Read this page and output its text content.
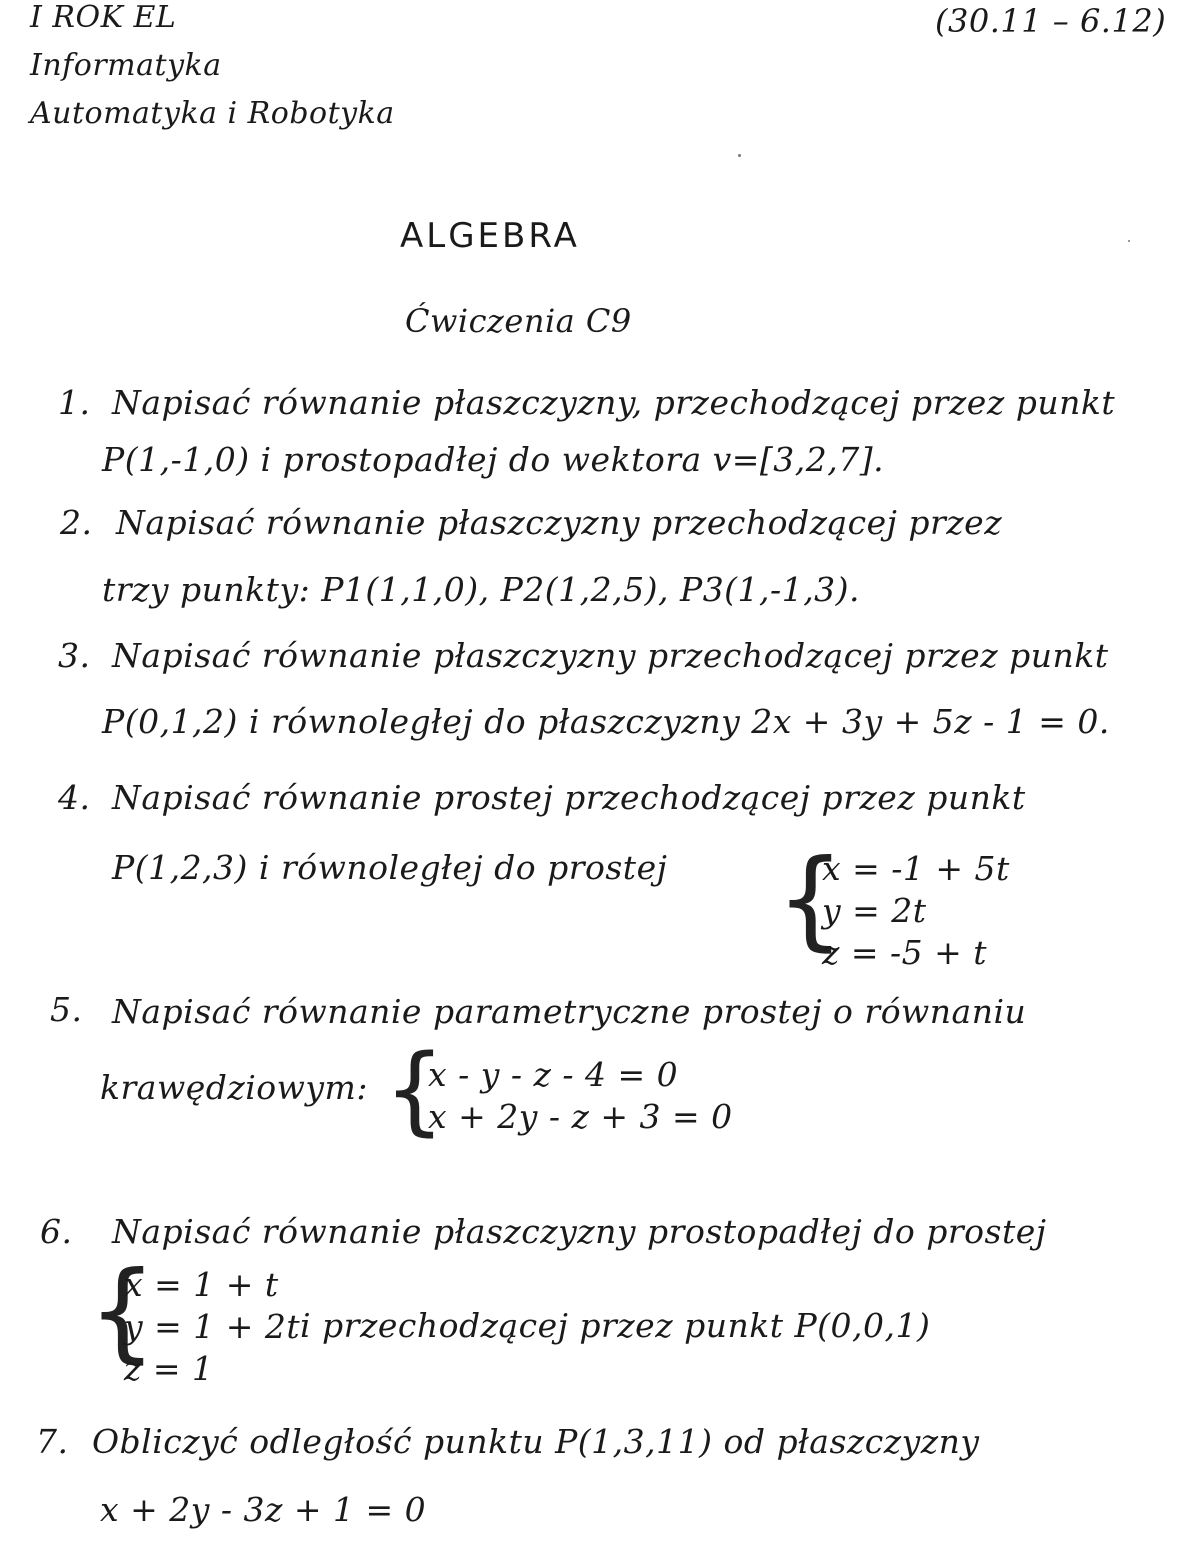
I ROK EL
Informatyka
Automatyka i Robotyka
(30.11 – 6.12)
ALGEBRA
Ćwiczenia C9
1. Napisać równanie płaszczyzny, przechodzącej przez punkt
P(1,-1,0) i prostopadłej do wektora v=[3,2,7].
2. Napisać równanie płaszczyzny przechodzącej przez
trzy punkty: P1(1,1,0), P2(1,2,5), P3(1,-1,3).
3. Napisać równanie płaszczyzny przechodzącej przez punkt
P(0,1,2) i równoległej do płaszczyzny 2x + 3y + 5z - 1 = 0.
4. Napisać równanie prostej przechodzącej przez punkt
P(1,2,3) i równoległej do prostej {
x = -1 + 5t
y = 2t
z = -5 + t
5. Napisać równanie parametryczne prostej o równaniu
krawędziowym: {
x - y - z - 4 = 0
x + 2y - z + 3 = 0
6. Napisać równanie płaszczyzny prostopadłej do prostej
{
x = 1 + t
y = 1 + 2t
z = 1
i przechodzącej przez punkt P(0,0,1)
7. Obliczyć odległość punktu P(1,3,11) od płaszczyzny
x + 2y - 3z + 1 = 0
